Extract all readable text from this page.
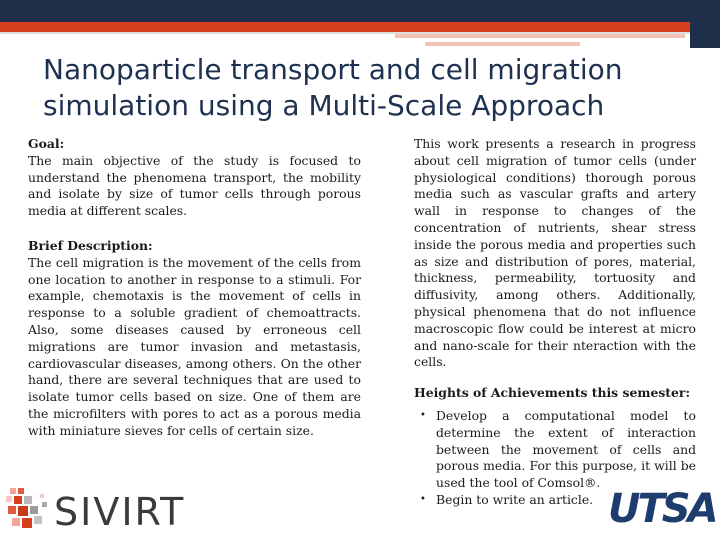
Nanoparticle transport and cell migration simulation using a Multi-Scale Approach
Goal:
The main objective of the study is focused to understand the phenomena transport, the mobility and isolate by size of tumor cells through porous media at different scales.
Brief Description:
The cell migration is the movement of the cells from one location to another in response to a stimuli. For example, chemotaxis is the movement of cells in response to a soluble gradient of chemoattracts. Also, some diseases caused by erroneous cell migrations are tumor invasion and metastasis, cardiovascular diseases, among others. On the other hand, there are several techniques that are used to isolate tumor cells based on size. One of them are the microfilters with pores to act as a porous media with miniature sieves for cells of certain size.
This work presents a research in progress about cell migration of tumor cells (under physiological conditions) thorough porous media such as vascular grafts and artery wall in response to changes of the concentration of nutrients, shear stress inside the porous media and properties such as size and distribution of pores, material, thickness, permeability, tortuosity and diffusivity, among others. Additionally, physical phenomena that do not influence macroscopic flow could be interest at micro and nano-scale for their nteraction with the cells.
Heights of Achievements this semester:
• Develop a computational model to determine the extent of interaction between the movement of cells and porous media. For this purpose, it will be used the tool of Comsol®.
• Begin to write an article.
SIVIRT	UTSA
